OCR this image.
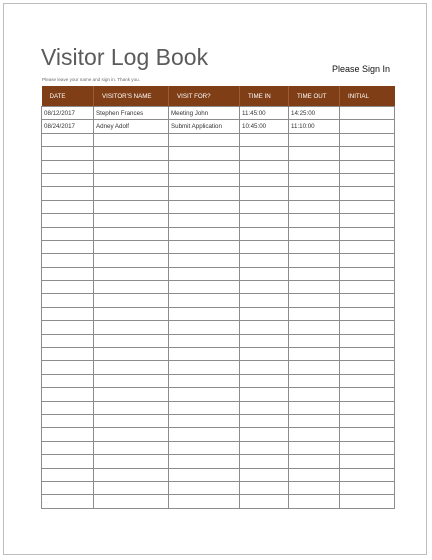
Visitor Log Book
Please leave your name and sign in. Thank you.
Please Sign In
DATE	VISITOR'S NAME	VISIT FOR?	TIME IN	TIME OUT	INITIAL
08/12/2017	Stephen Frances	Meeting John	11:45:00	14:25:00	
08/24/2017	Adney Adolf	Submit Application	10:45:00	11:10:00	

· · ·
